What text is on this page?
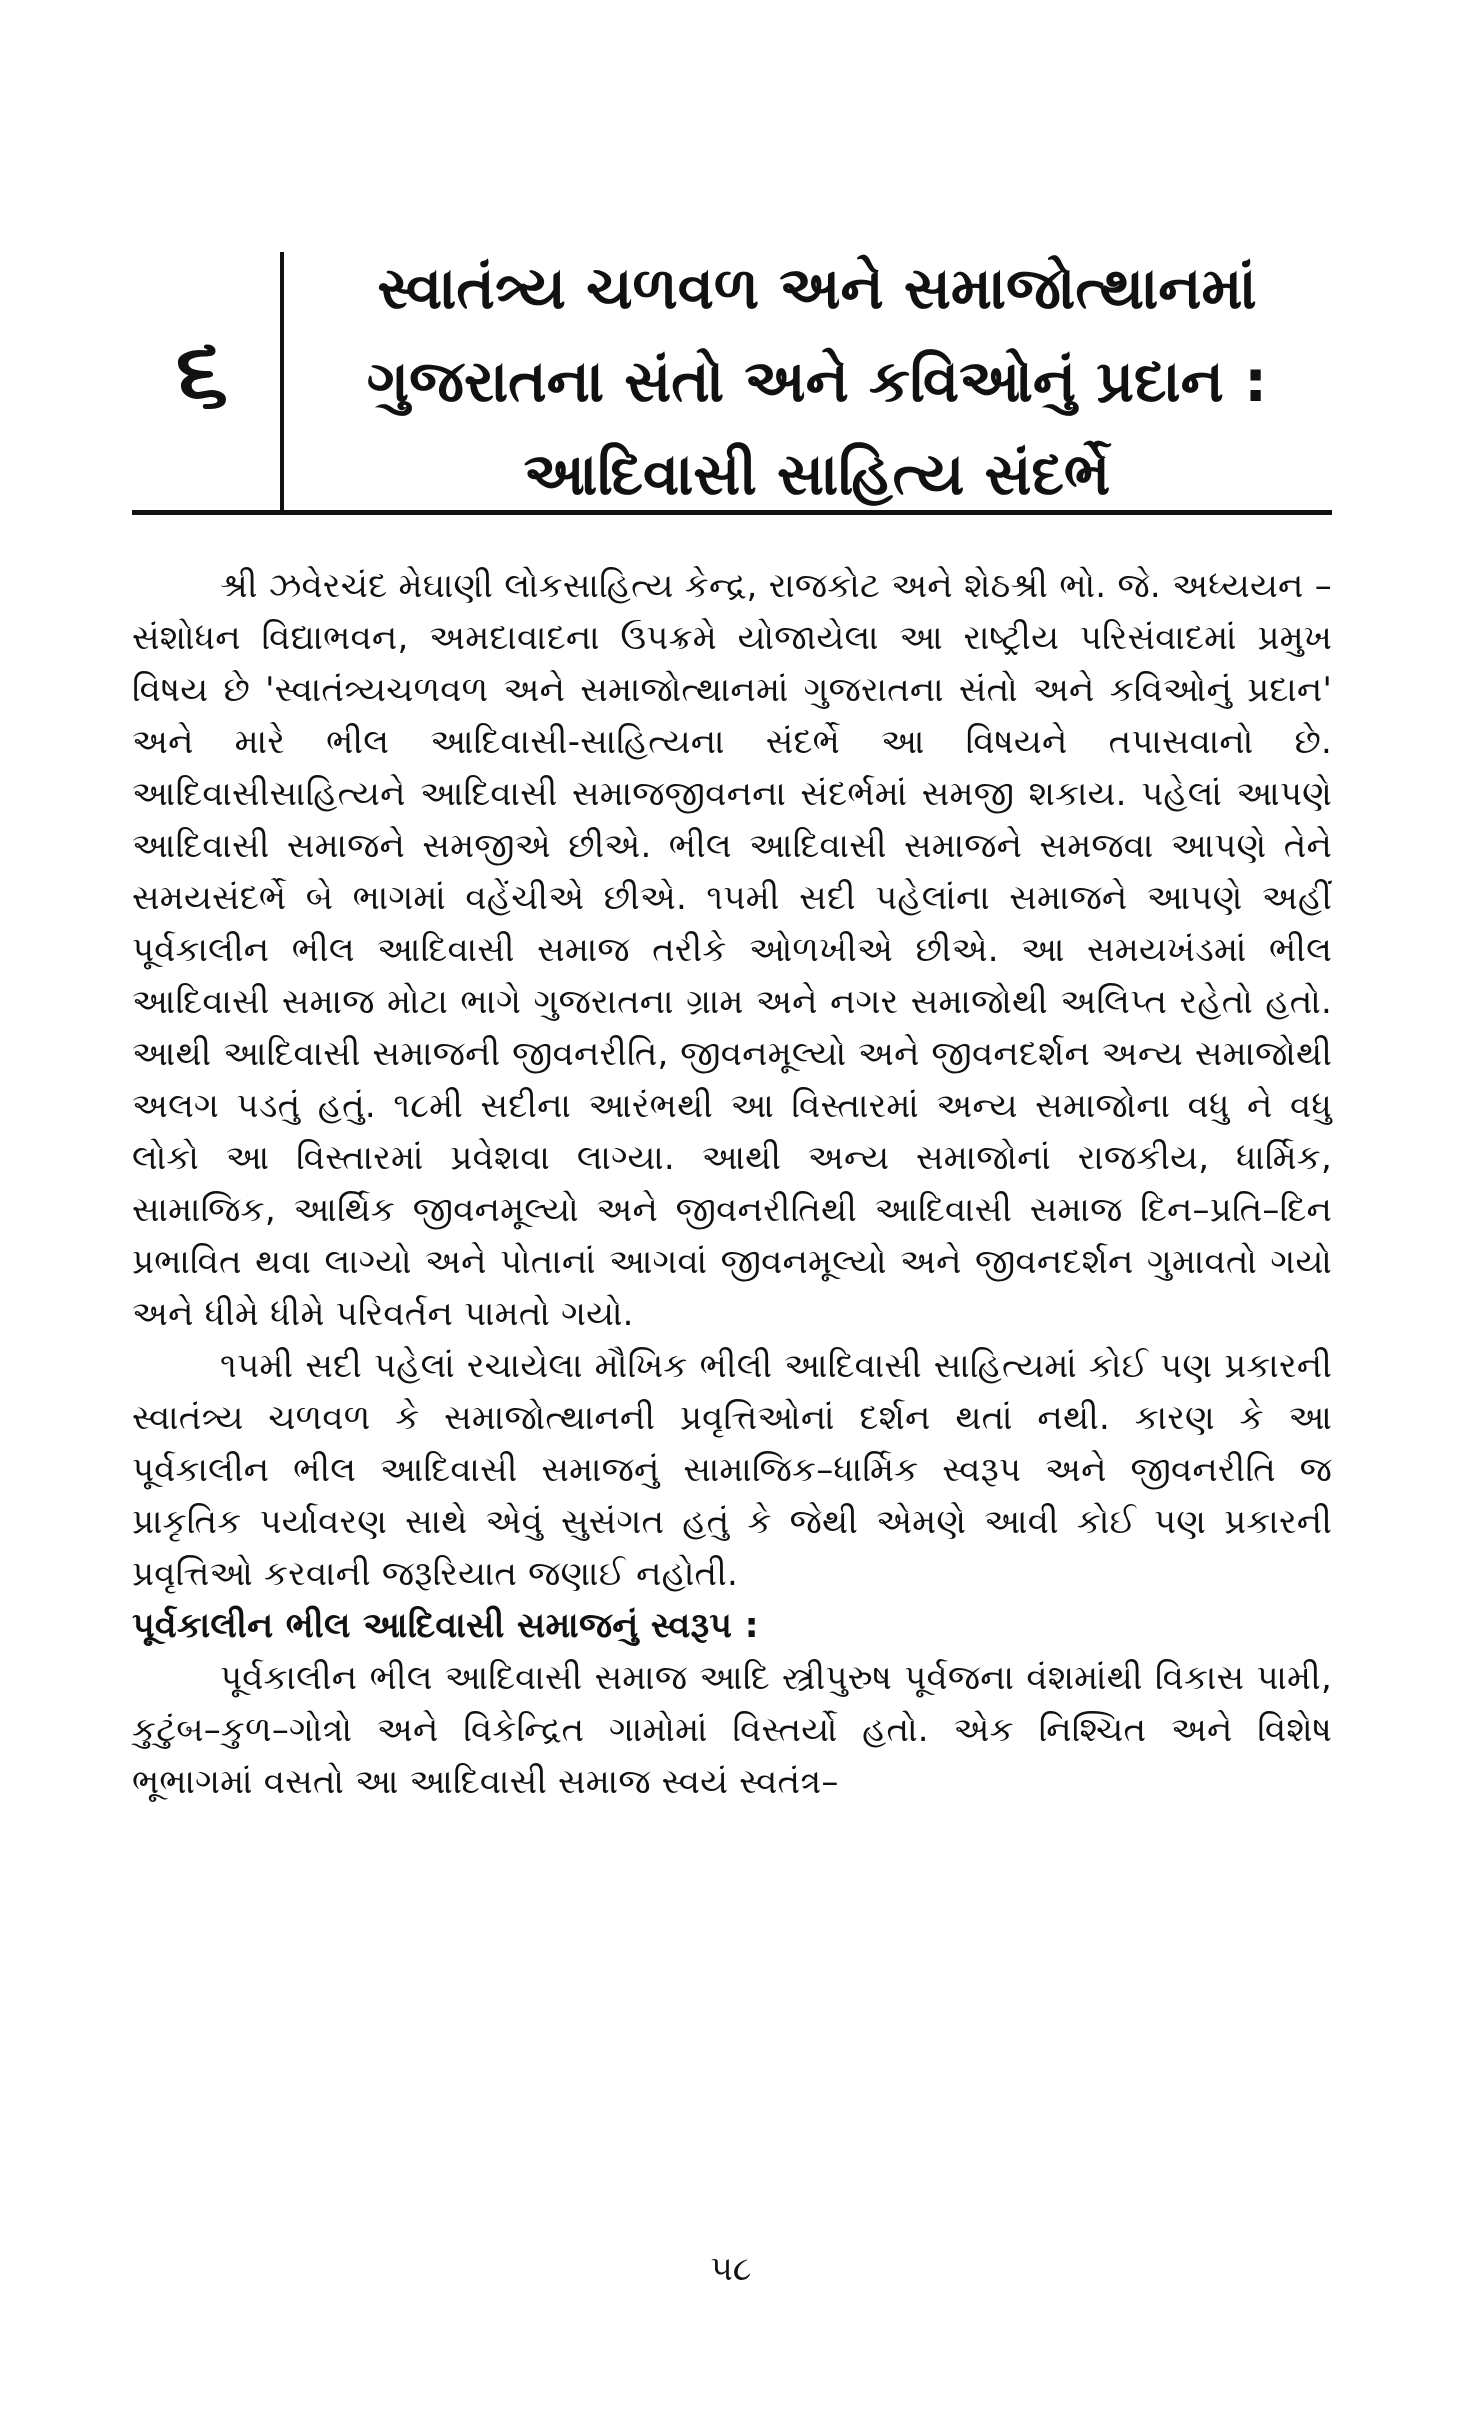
૬
સ્વાતંત્ર્ય ચળવળ અને સમાજોત્થાનમાં
ગુજરાતના સંતો અને કવિઓનું પ્રદાન :
આદિવાસી સાહિત્ય સંદર્ભે

શ્રી ઝવેરચંદ મેઘાણી લોકસાહિત્ય કેન્દ્ર, રાજકોટ અને શેઠશ્રી ભો. જે. અધ્યયન – સંશોધન વિદ્યાભવન, અમદાવાદના ઉપક્રમે યોજાયેલા આ રાષ્ટ્રીય પરિસંવાદમાં પ્રમુખ વિષય છે 'સ્વાતંત્ર્યચળવળ અને સમાજોત્થાનમાં ગુજરાતના સંતો અને કવિઓનું પ્રદાન' અને મારે ભીલ આદિવાસી-સાહિત્યના સંદર્ભે આ વિષયને તપાસવાનો છે. આદિવાસીસાહિત્યને આદિવાસી સમાજજીવનના સંદર્ભમાં સમજી શકાય. પહેલાં આપણે આદિવાસી સમાજને સમજીએ છીએ. ભીલ આદિવાસી સમાજને સમજવા આપણે તેને સમયસંદર્ભે બે ભાગમાં વહેંચીએ છીએ. ૧૫મી સદી પહેલાંના સમાજને આપણે અહીં પૂર્વકાલીન ભીલ આદિવાસી સમાજ તરીકે ઓળખીએ છીએ. આ સમયખંડમાં ભીલ આદિવાસી સમાજ મોટા ભાગે ગુજરાતના ગ્રામ અને નગર સમાજોથી અલિપ્ત રહેતો હતો. આથી આદિવાસી સમાજની જીવનરીતિ, જીવનમૂલ્યો અને જીવનદર્શન અન્ય સમાજોથી અલગ પડતું હતું. ૧૮મી સદીના આરંભથી આ વિસ્તારમાં અન્ય સમાજોના વધુ ને વધુ લોકો આ વિસ્તારમાં પ્રવેશવા લાગ્યા. આથી અન્ય સમાજોનાં રાજકીય, ધાર્મિક, સામાજિક, આર્થિક જીવનમૂલ્યો અને જીવનરીતિથી આદિવાસી સમાજ દિન–પ્રતિ–દિન પ્રભાવિત થવા લાગ્યો અને પોતાનાં આગવાં જીવનમૂલ્યો અને જીવનદર્શન ગુમાવતો ગયો અને ધીમે ધીમે પરિવર્તન પામતો ગયો.

૧૫મી સદી પહેલાં રચાયેલા મૌખિક ભીલી આદિવાસી સાહિત્યમાં કોઈ પણ પ્રકારની સ્વાતંત્ર્ય ચળવળ કે સમાજોત્થાનની પ્રવૃત્તિઓનાં દર્શન થતાં નથી. કારણ કે આ પૂર્વકાલીન ભીલ આદિવાસી સમાજનું સામાજિક–ધાર્મિક સ્વરૂપ અને જીવનરીતિ જ પ્રાકૃતિક પર્યાવરણ સાથે એવું સુસંગત હતું કે જેથી એમણે આવી કોઈ પણ પ્રકારની પ્રવૃત્તિઓ કરવાની જરૂરિયાત જણાઈ નહોતી.

પૂર્વકાલીન ભીલ આદિવાસી સમાજનું સ્વરૂપ :

પૂર્વકાલીન ભીલ આદિવાસી સમાજ આદિ સ્ત્રીપુરુષ પૂર્વજના વંશમાંથી વિકાસ પામી, કુટુંબ–કુળ–ગોત્રો અને વિકેન્દ્રિત ગામોમાં વિસ્તર્યો હતો. એક નિશ્ચિત અને વિશેષ ભૂભાગમાં વસતો આ આદિવાસી સમાજ સ્વયં સ્વતંત્ર–

૫૮
